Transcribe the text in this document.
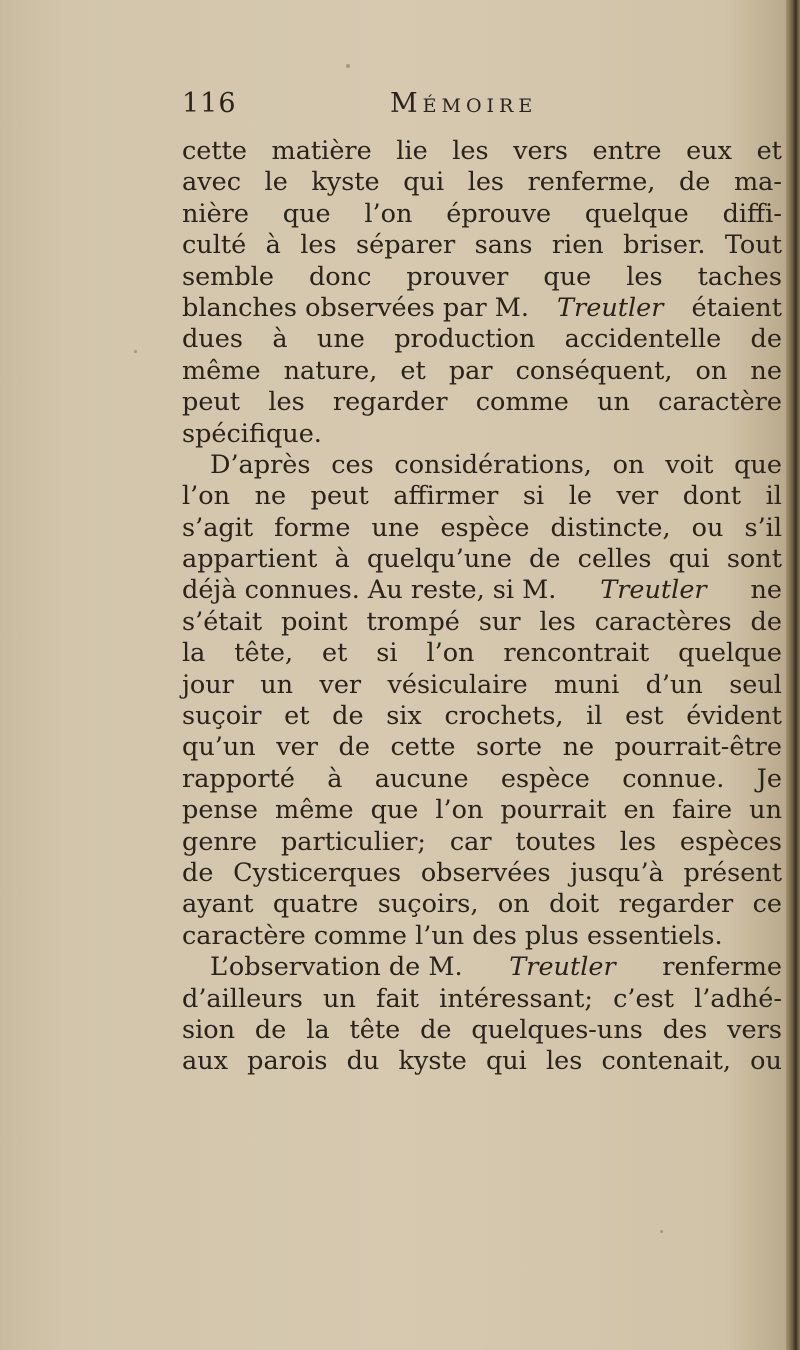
116	Mémoire
cette matière lie les vers entre eux et
avec le kyste qui les renferme, de ma-
nière que l’on éprouve quelque diffi-
culté à les séparer sans rien briser. Tout
semble donc prouver que les taches
blanches observées par M. Treutler étaient
dues à une production accidentelle de
même nature, et par conséquent, on ne
peut les regarder comme un caractère
spécifique.
D’après ces considérations, on voit que
l’on ne peut affirmer si le ver dont il
s’agit forme une espèce distincte, ou s’il
appartient à quelqu’une de celles qui sont
déjà connues. Au reste, si M. Treutler ne
s’était point trompé sur les caractères de
la tête, et si l’on rencontrait quelque
jour un ver vésiculaire muni d’un seul
suçoir et de six crochets, il est évident
qu’un ver de cette sorte ne pourrait-être
rapporté à aucune espèce connue. Je
pense même que l’on pourrait en faire un
genre particulier; car toutes les espèces
de Cysticerques observées jusqu’à présent
ayant quatre suçoirs, on doit regarder ce
caractère comme l’un des plus essentiels.
L’observation de M. Treutler renferme
d’ailleurs un fait intéressant; c’est l’adhé-
sion de la tête de quelques-uns des vers
aux parois du kyste qui les contenait, ou
